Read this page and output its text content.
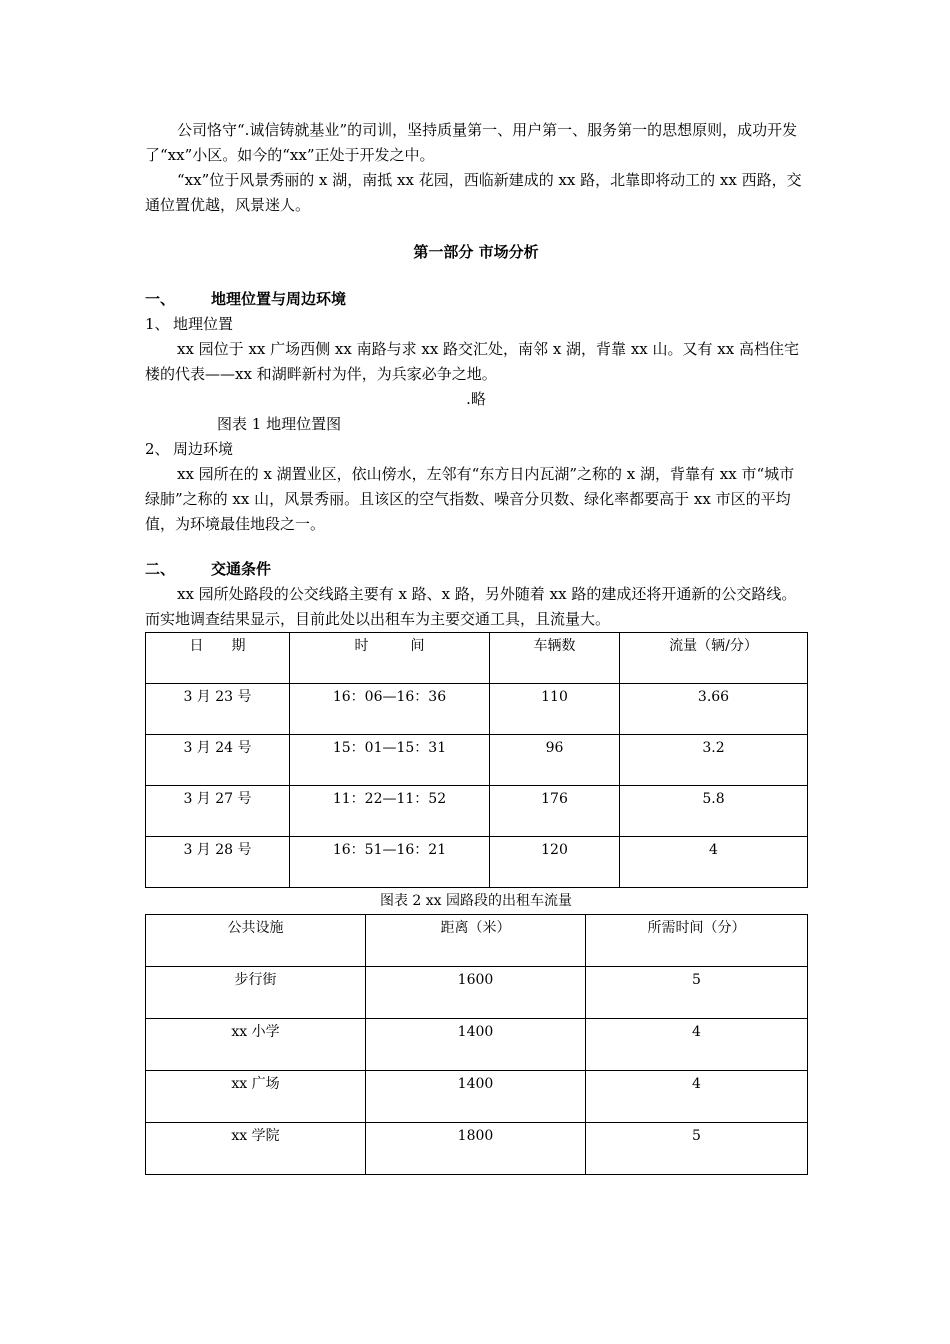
公司恪守“.诚信铸就基业”的司训，坚持质量第一、用户第一、服务第一的思想原则，成功开发了“xx”小区。如今的“xx”正处于开发之中。

“xx”位于风景秀丽的 x 湖，南抵 xx 花园，西临新建成的 xx 路，北靠即将动工的 xx 西路，交通位置优越，风景迷人。

第一部分 市场分析

一、	地理位置与周边环境
1、 地理位置

xx 园位于 xx 广场西侧 xx 南路与求 xx 路交汇处，南邻 x 湖，背靠 xx 山。又有 xx 高档住宅楼的代表——xx 和湖畔新村为伴，为兵家必争之地。

.略

图表 1 地理位置图

2、 周边环境

xx 园所在的 x 湖置业区，依山傍水，左邻有“东方日内瓦湖”之称的 x 湖，背靠有 xx 市“城市绿肺”之称的 xx 山，风景秀丽。且该区的空气指数、噪音分贝数、绿化率都要高于 xx 市区的平均值，为环境最佳地段之一。

二、	交通条件

xx 园所处路段的公交线路主要有 x 路、x 路，另外随着 xx 路的建成还将开通新的公交路线。而实地调查结果显示，目前此处以出租车为主要交通工具，且流量大。

日　　期	时　　　间	车辆数	流量（辆/分）
3 月 23 号	16：06—16：36	110	3.66
3 月 24 号	15：01—15：31	96	3.2
3 月 27 号	11：22—11：52	176	5.8
3 月 28 号	16：51—16：21	120	4

图表 2 xx 园路段的出租车流量

公共设施	距离（米）	所需时间（分）
步行街	1600	5
xx 小学	1400	4
xx 广场	1400	4
xx 学院	1800	5
